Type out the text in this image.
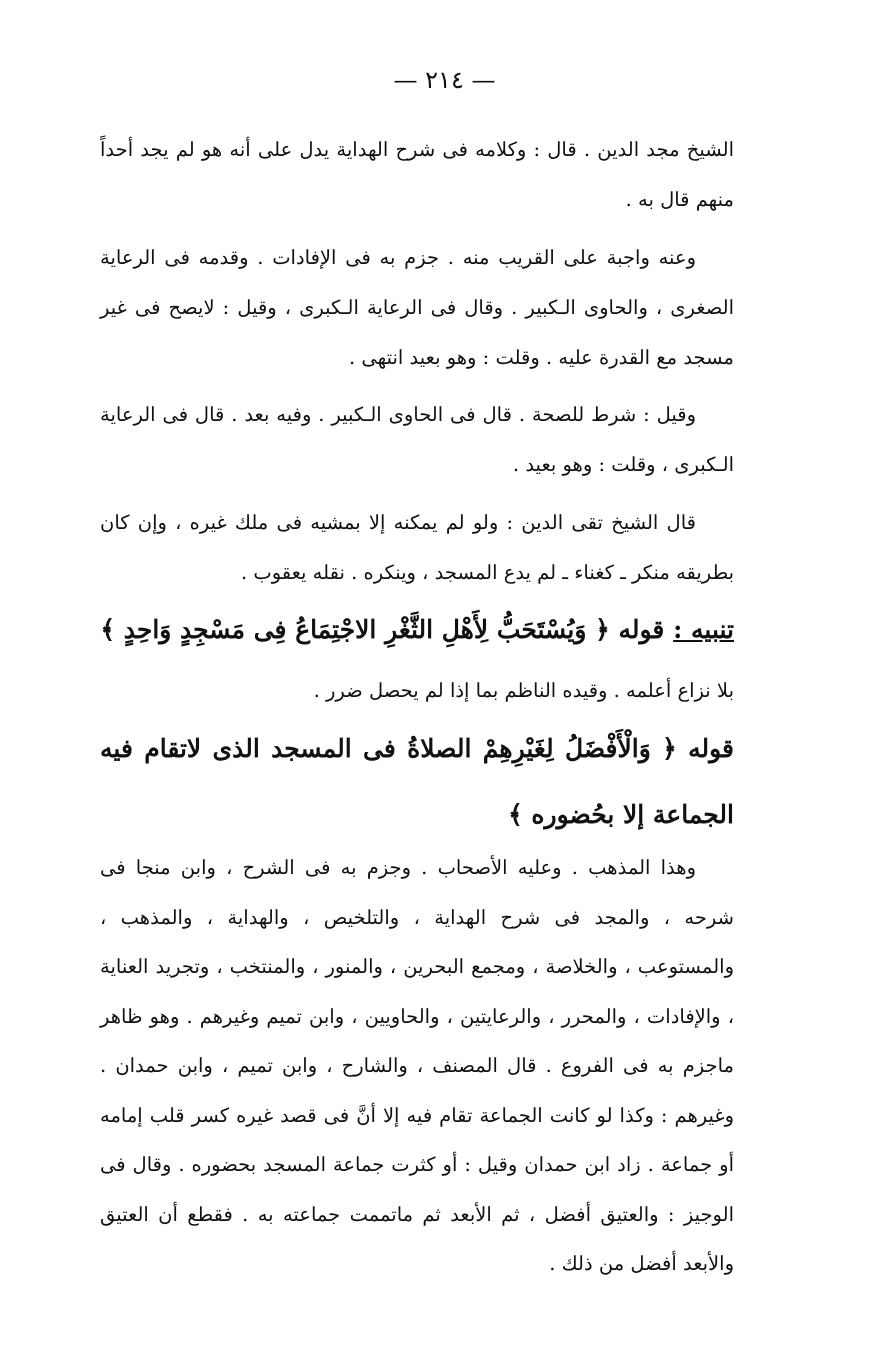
— ٢١٤ —

الشيخ مجد الدين . قال : وكلامه فى شرح الهداية يدل على أنه هو لم يجد أحداً منهم قال به .

وعنه واجبة على القريب منه . جزم به فى الإفادات . وقدمه فى الرعاية الصغرى ، والحاوى الـكبير . وقال فى الرعاية الـكبرى ، وقيل : لايصح فى غير مسجد مع القدرة عليه . وقلت : وهو بعيد انتهى .

وقيل : شرط للصحة . قال فى الحاوى الـكبير . وفيه بعد . قال فى الرعاية الـكبرى ، وقلت : وهو بعيد .

قال الشيخ تقى الدين : ولو لم يمكنه إلا بمشيه فى ملك غيره ، وإن كان بطريقه منكر ـ كغناء ـ لم يدع المسجد ، وينكره . نقله يعقوب .

تنبيه : قوله ﴿ وَيُسْتَحَبُّ لِأَهْلِ الثَّغْرِ الاجْتِمَاعُ فِى مَسْجِدٍ وَاحِدٍ ﴾

بلا نزاع أعلمه . وقيده الناظم بما إذا لم يحصل ضرر .

قوله ﴿ وَالْأَفْضَلُ لِغَيْرِهِمْ الصلاةُ فى المسجد الذى لاتقام فيه الجماعة إلا بحُضوره ﴾

وهذا المذهب . وعليه الأصحاب . وجزم به فى الشرح ، وابن منجا فى شرحه ، والمجد فى شرح الهداية ، والتلخيص ، والهداية ، والمذهب ، والمستوعب ، والخلاصة ، ومجمع البحرين ، والمنور ، والمنتخب ، وتجريد العناية ، والإفادات ، والمحرر ، والرعايتين ، والحاويين ، وابن تميم وغيرهم . وهو ظاهر ماجزم به فى الفروع . قال المصنف ، والشارح ، وابن تميم ، وابن حمدان . وغيرهم : وكذا لو كانت الجماعة تقام فيه إلا أنَّ فى قصد غيره كسر قلب إمامه أو جماعة . زاد ابن حمدان وقيل : أو كثرت جماعة المسجد بحضوره . وقال فى الوجيز : والعتيق أفضل ، ثم الأبعد ثم ماتممت جماعته به . فقطع أن العتيق والأبعد أفضل من ذلك .
